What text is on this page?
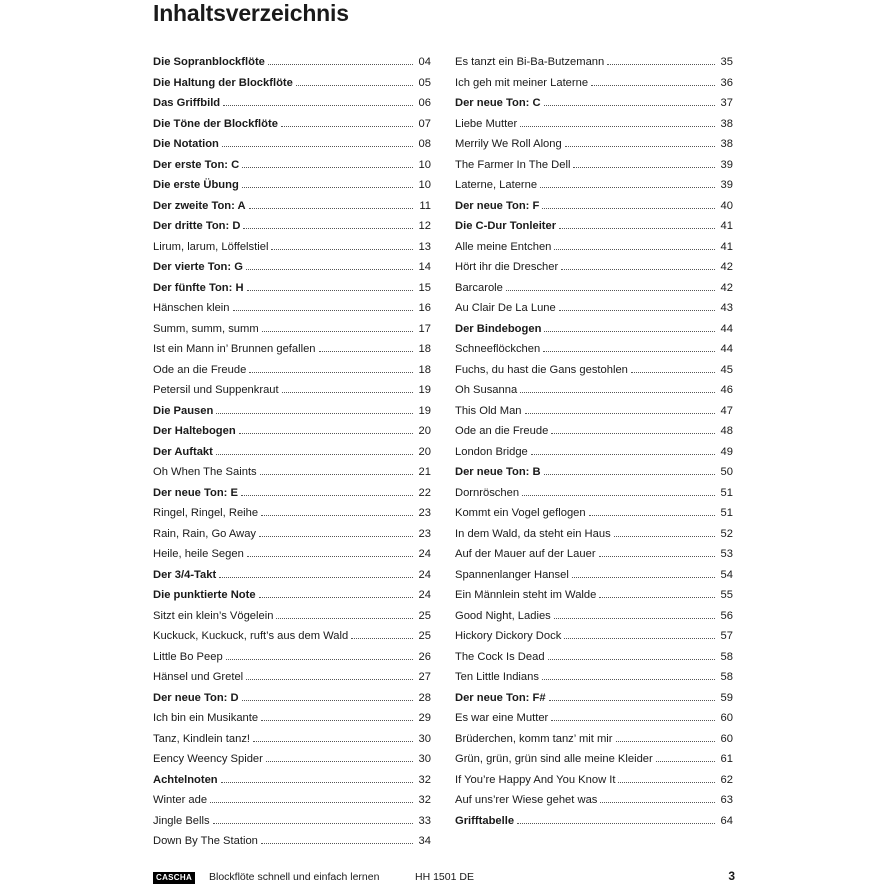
Inhaltsverzeichnis
Die Sopranblockflöte	04
Die Haltung der Blockflöte	05
Das Griffbild	06
Die Töne der Blockflöte	07
Die Notation	08
Der erste Ton: C	10
Die erste Übung	10
Der zweite Ton: A	11
Der dritte Ton: D	12
Lirum, larum, Löffelstiel	13
Der vierte Ton: G	14
Der fünfte Ton: H	15
Hänschen klein	16
Summ, summ, summ	17
Ist ein Mann in’ Brunnen gefallen	18
Ode an die Freude	18
Petersil und Suppenkraut	19
Die Pausen	19
Der Haltebogen	20
Der Auftakt	20
Oh When The Saints	21
Der neue Ton: E	22
Ringel, Ringel, Reihe	23
Rain, Rain, Go Away	23
Heile, heile Segen	24
Der 3/4-Takt	24
Die punktierte Note	24
Sitzt ein klein’s Vögelein	25
Kuckuck, Kuckuck, ruft’s aus dem Wald	25
Little Bo Peep	26
Hänsel und Gretel	27
Der neue Ton: D	28
Ich bin ein Musikante	29
Tanz, Kindlein tanz!	30
Eency Weency Spider	30
Achtelnoten	32
Winter ade	32
Jingle Bells	33
Down By The Station	34
Es tanzt ein Bi-Ba-Butzemann	35
Ich geh mit meiner Laterne	36
Der neue Ton: C	37
Liebe Mutter	38
Merrily We Roll Along	38
The Farmer In The Dell	39
Laterne, Laterne	39
Der neue Ton: F	40
Die C-Dur Tonleiter	41
Alle meine Entchen	41
Hört ihr die Drescher	42
Barcarole	42
Au Clair De La Lune	43
Der Bindebogen	44
Schneeflöckchen	44
Fuchs, du hast die Gans gestohlen	45
Oh Susanna	46
This Old Man	47
Ode an die Freude	48
London Bridge	49
Der neue Ton: B	50
Dornröschen	51
Kommt ein Vogel geflogen	51
In dem Wald, da steht ein Haus	52
Auf der Mauer auf der Lauer	53
Spannenlanger Hansel	54
Ein Männlein steht im Walde	55
Good Night, Ladies	56
Hickory Dickory Dock	57
The Cock Is Dead	58
Ten Little Indians	58
Der neue Ton: F#	59
Es war eine Mutter	60
Brüderchen, komm tanz’ mit mir	60
Grün, grün, grün sind alle meine Kleider	61
If You’re Happy And You Know It	62
Auf uns’rer Wiese gehet was	63
Grifftabelle	64
CASCHA Blockflöte schnell und einfach lernen	HH 1501 DE	3
